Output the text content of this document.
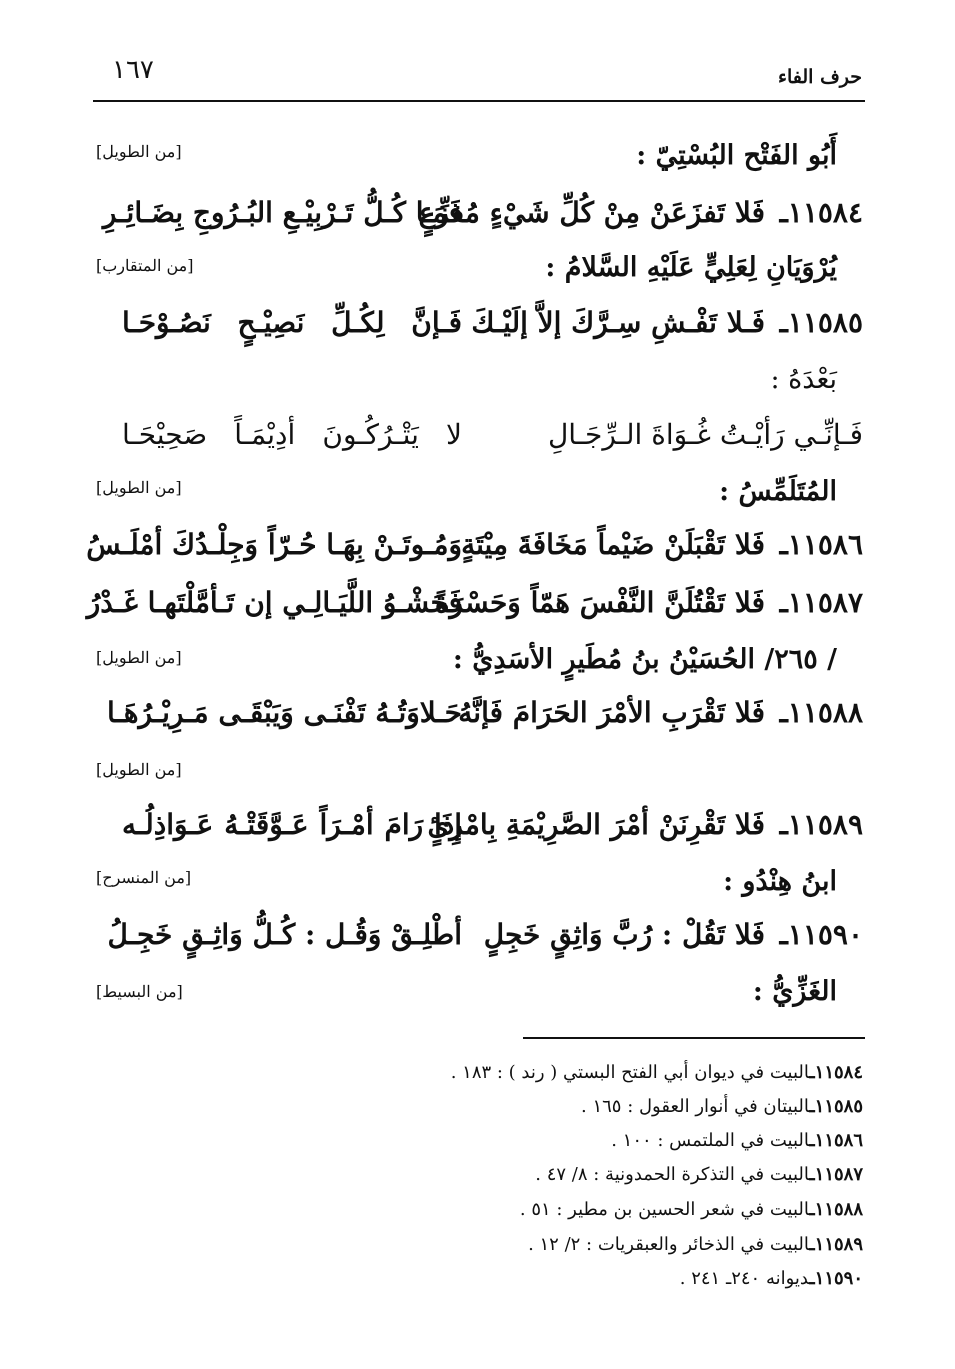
حرف الفاء
١٦٧
أَبُو الفَتْح البُسْتِيّ :
[من الطويل]
١١٥٨٤ـ
فَلا تَفزَعَنْ مِنْ كُلِّ شَيْءٍ مُفزِّعٍ
فَمَـا كُـلُّ تَـرْبِيْـعِ البُـرُوجِ بِضَـائِـرِ
يُرْوَيَانِ لِعَلِيٍّ عَلَيْهِ السَّلامُ :
[من المتقارب]
١١٥٨٥ـ
فَـلا تَفْـشِ سِـرَّكَ إلاَّ إلَيْـكَ
فَـإنَّ لِكُـلِّ نَصِيْـحٍ نَصُـوْحَـا
بَعْدَهُ :
فَـإنِّـي رَأيْـتُ غُـوَاةَ الـرِّجَـالِ
لا يَتْـرُكُـونَ أدِيْمَـاً صَحِيْحَـا
المُتَلَمِّسُ :
[من الطويل]
١١٥٨٦ـ
فَلا تَقْبَلَنْ ضَيْماً مَخَافَةَ مِيْتَةٍ
وَمُـوتَـنْ بِهَـا حُـرّاً وَجِلْـدُكَ أمْلَـسُ
١١٥٨٧ـ
فَلا تَقْتُلَنَّ النَّفْسَ هَمّاً وَحَسْرَةً
فَحَشْـوُ اللَّيَـالِـي إن تَـأمَّلْتَهـا غَـدْرُ
/ ٢٦٥/ الحُسَيْنُ بنُ مُطَيرٍ الأسَدِيُّ :
[من الطويل]
١١٥٨٨ـ
فَلا تَقْرَبِ الأمْرَ الحَرَامَ فَإنَّهُ
حَـلاوَتُـهُ تَفْنَـى وَيَبْقَـى مَـرِيْـرُهَـا
[من الطويل]
١١٥٨٩ـ
فَلا تَقْرِنَنْ أمْرَ الصَّرِيْمَةِ بِامْرِئٍ
إذَا رَامَ أمْـرَاً عَـوَّقَتْـهُ عَـوَاذِلُـه
ابنُ هِنْدُو :
[من المنسرح]
١١٥٩٠ـ
فَلا تَقُلْ : رُبَّ وَاثِقٍ خَجِلٍ
أطْلِـقْ وَقُـل : كُـلُّ وَاثِـقٍ خَجِـلُ
الغَزِّيُّ :
[من البسيط]
١١٥٨٤ـالبيت في ديوان أبي الفتح البستي ( رند ) : ١٨٣ .
١١٥٨٥ـالبيتان في أنوار العقول : ١٦٥ .
١١٥٨٦ـالبيت في الملتمس : ١٠٠ .
١١٥٨٧ـالبيت في التذكرة الحمدونية : ٨/ ٤٧ .
١١٥٨٨ـالبيت في شعر الحسين بن مطير : ٥١ .
١١٥٨٩ـالبيت في الذخائر والعبقريات : ٢/ ١٢ .
١١٥٩٠ـديوانه ٢٤٠ـ ٢٤١ .
